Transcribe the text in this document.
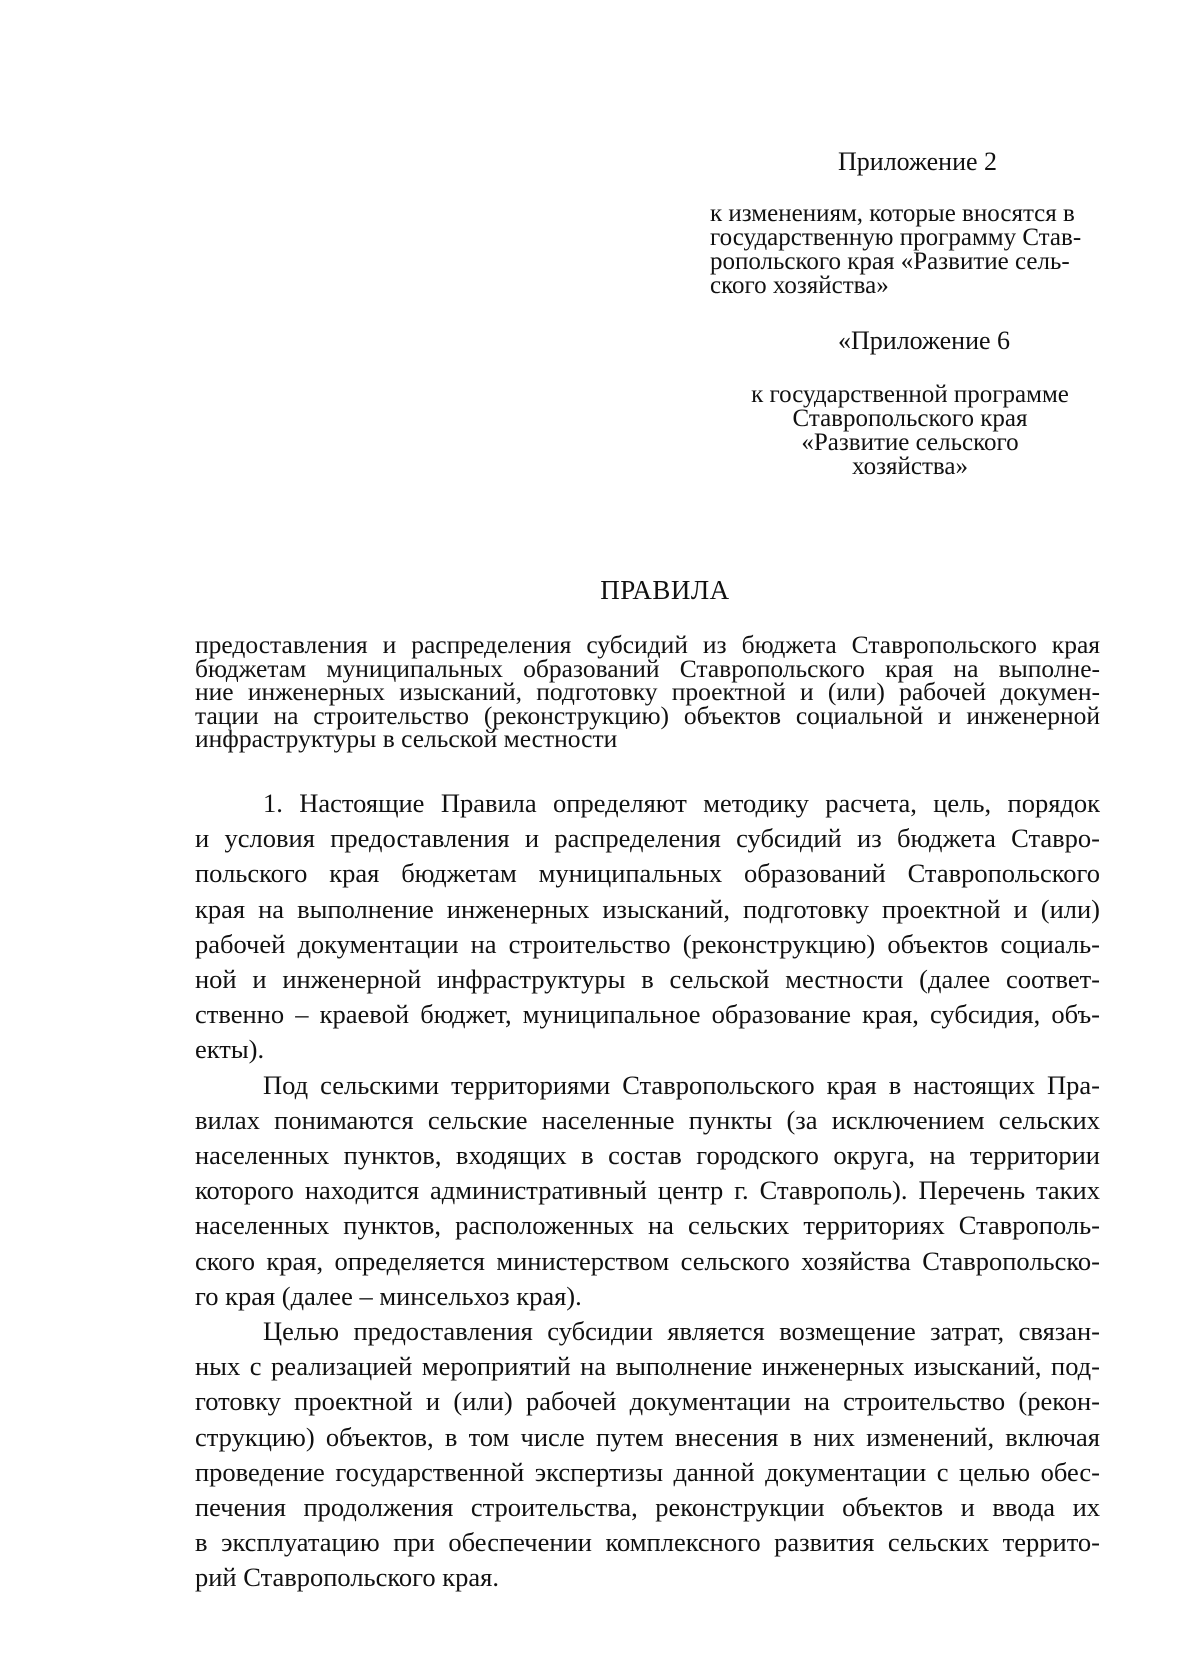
Приложение 2
к изменениям, которые вносятся в
государственную программу Став-
ропольского края «Развитие сель-
ского хозяйства»
«Приложение 6
к государственной программе
Ставропольского края
«Развитие сельского
хозяйства»
ПРАВИЛА
предоставления и распределения субсидий из бюджета Ставропольского края
бюджетам муниципальных образований Ставропольского края на выполне-
ние инженерных изысканий, подготовку проектной и (или) рабочей докумен-
тации на строительство (реконструкцию) объектов социальной и инженерной
инфраструктуры в сельской местности
1. Настоящие Правила определяют методику расчета, цель, порядок
и условия предоставления и распределения субсидий из бюджета Ставро-
польского края бюджетам муниципальных образований Ставропольского
края на выполнение инженерных изысканий, подготовку проектной и (или)
рабочей документации на строительство (реконструкцию) объектов социаль-
ной и инженерной инфраструктуры в сельской местности (далее соответ-
ственно – краевой бюджет, муниципальное образование края, субсидия, объ-
екты).
Под сельскими территориями Ставропольского края в настоящих Пра-
вилах понимаются сельские населенные пункты (за исключением сельских
населенных пунктов, входящих в состав городского округа, на территории
которого находится административный центр г. Ставрополь). Перечень таких
населенных пунктов, расположенных на сельских территориях Ставрополь-
ского края, определяется министерством сельского хозяйства Ставропольско-
го края (далее – минсельхоз края).
Целью предоставления субсидии является возмещение затрат, связан-
ных с реализацией мероприятий на выполнение инженерных изысканий, под-
готовку проектной и (или) рабочей документации на строительство (рекон-
струкцию) объектов, в том числе путем внесения в них изменений, включая
проведение государственной экспертизы данной документации с целью обес-
печения продолжения строительства, реконструкции объектов и ввода их
в эксплуатацию при обеспечении комплексного развития сельских террито-
рий Ставропольского края.
